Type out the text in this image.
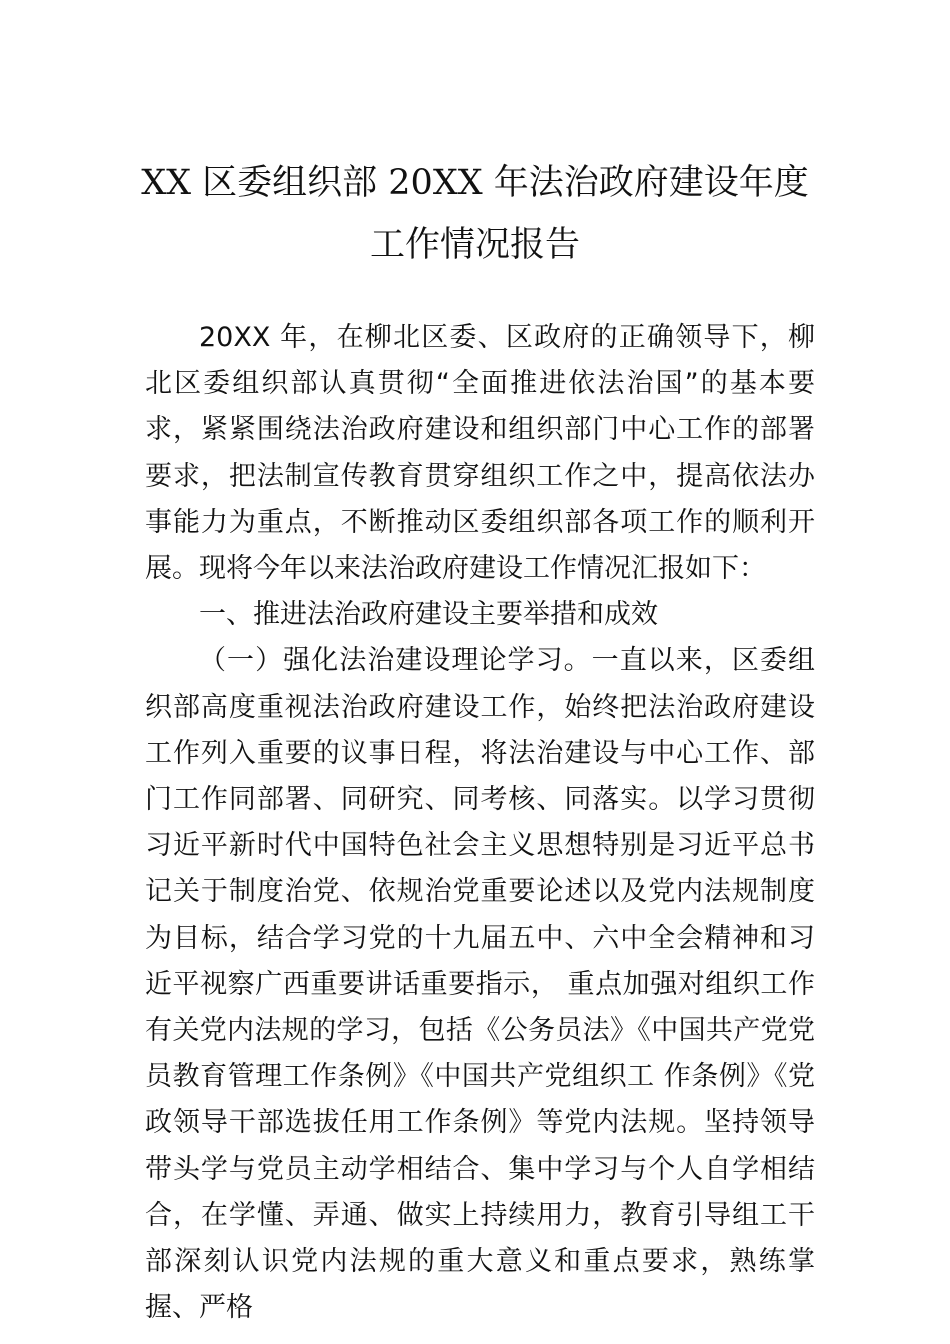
XX 区委组织部 20XX 年法治政府建设年度
工作情况报告

20XX 年，在柳北区委、区政府的正确领导下，柳北区委组织部认真贯彻“全面推进依法治国”的基本要求，紧紧围绕法治政府建设和组织部门中心工作的部署要求，把法制宣传教育贯穿组织工作之中，提高依法办事能力为重点，不断推动区委组织部各项工作的顺利开展。现将今年以来法治政府建设工作情况汇报如下：

一、推进法治政府建设主要举措和成效

（一）强化法治建设理论学习。一直以来，区委组织部高度重视法治政府建设工作，始终把法治政府建设工作列入重要的议事日程，将法治建设与中心工作、部门工作同部署、同研究、同考核、同落实。以学习贯彻习近平新时代中国特色社会主义思想特别是习近平总书记关于制度治党、依规治党重要论述以及党内法规制度为目标，结合学习党的十九届五中、六中全会精神和习近平视察广西重要讲话重要指示， 重点加强对组织工作有关党内法规的学习，包括《公务员法》《中国共产党党员教育管理工作条例》《中国共产党组织工 作条例》《党政领导干部选拔任用工作条例》等党内法规。坚持领导带头学与党员主动学相结合、集中学习与个人自学相结合，在学懂、弄通、做实上持续用力，教育引导组工干部深刻认识党内法规的重大意义和重点要求，熟练掌握、严格
